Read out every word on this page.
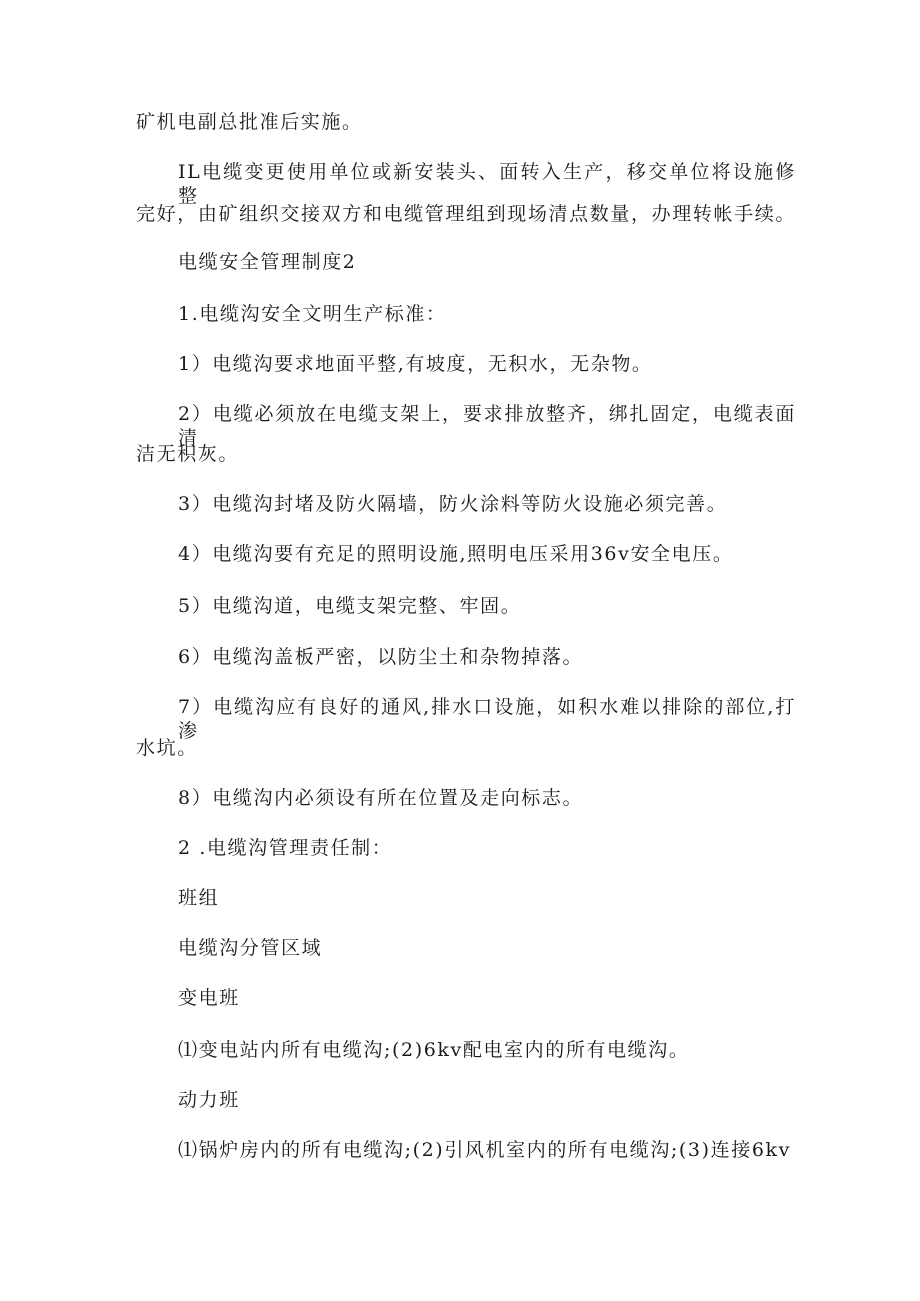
矿机电副总批准后实施。

IL电缆变更使用单位或新安装头、面转入生产，移交单位将设施修整

完好，由矿组织交接双方和电缆管理组到现场清点数量，办理转帐手续。

电缆安全管理制度2

1.电缆沟安全文明生产标准：

1）电缆沟要求地面平整,有坡度，无积水，无杂物。

2）电缆必须放在电缆支架上，要求排放整齐，绑扎固定，电缆表面清

洁无积灰。

3）电缆沟封堵及防火隔墙，防火涂料等防火设施必须完善。

4）电缆沟要有充足的照明设施,照明电压采用36v安全电压。

5）电缆沟道，电缆支架完整、牢固。

6）电缆沟盖板严密，以防尘土和杂物掉落。

7）电缆沟应有良好的通风,排水口设施，如积水难以排除的部位,打渗

水坑。

8）电缆沟内必须设有所在位置及走向标志。

2 .电缆沟管理责任制：

班组

电缆沟分管区域

变电班

⑴变电站内所有电缆沟;(2)6kv配电室内的所有电缆沟。

动力班

⑴锅炉房内的所有电缆沟;(2)引风机室内的所有电缆沟;(3)连接6kv
